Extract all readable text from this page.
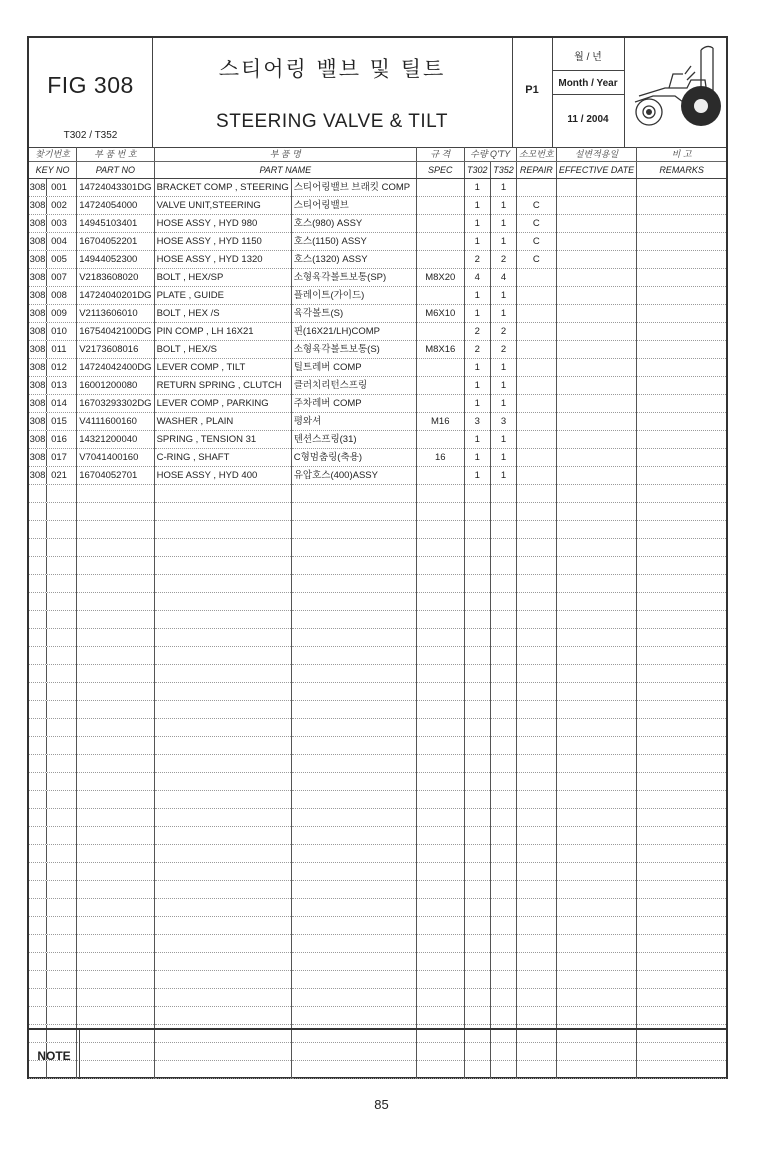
FIG 308
T302 / T352
스티어링 밸브 및 틸트
STEERING VALVE & TILT
P1
월 / 년
Month / Year
11 / 2004
찾기번호	부 품 번 호	부 품 명		규 격	수량 Q'TY		소모번호	설변적용일	비 고
KEY NO	PART NO	PART NAME		SPEC	T302	T352	REPAIR	EFFECTIVE DATE	REMARKS
308 001	14724043301DG	BRACKET COMP , STEERING	스티어링밸브 브래킷 COMP		1	1			
308 002	14724054000	VALVE UNIT,STEERING	스티어링밸브		1	1	C		
308 003	14945103401	HOSE ASSY , HYD 980	호스(980) ASSY		1	1	C		
308 004	16704052201	HOSE ASSY , HYD 1150	호스(1150) ASSY		1	1	C		
308 005	14944052300	HOSE ASSY , HYD 1320	호스(1320) ASSY		2	2	C		
308 007	V2183608020	BOLT , HEX/SP	소형육각볼트보통(SP)	M8X20	4	4			
308 008	14724040201DG	PLATE , GUIDE	플레이트(가이드)		1	1			
308 009	V2113606010	BOLT , HEX /S	육각볼트(S)	M6X10	1	1			
308 010	16754042100DG	PIN COMP , LH 16X21	핀(16X21/LH)COMP		2	2			
308 011	V2173608016	BOLT , HEX/S	소형육각볼트보통(S)	M8X16	2	2			
308 012	14724042400DG	LEVER COMP , TILT	틸트레버 COMP		1	1			
308 013	16001200080	RETURN SPRING , CLUTCH	클러치리턴스프링		1	1			
308 014	16703293302DG	LEVER COMP , PARKING	주차레버 COMP		1	1			
308 015	V4111600160	WASHER , PLAIN	평와셔	M16	3	3			
308 016	14321200040	SPRING , TENSION 31	텐션스프링(31)		1	1			
308 017	V7041400160	C-RING , SHAFT	C형멈춤링(축용)	16	1	1			
308 021	16704052701	HOSE ASSY , HYD 400	유압호스(400)ASSY		1	1			

NOTE
85
